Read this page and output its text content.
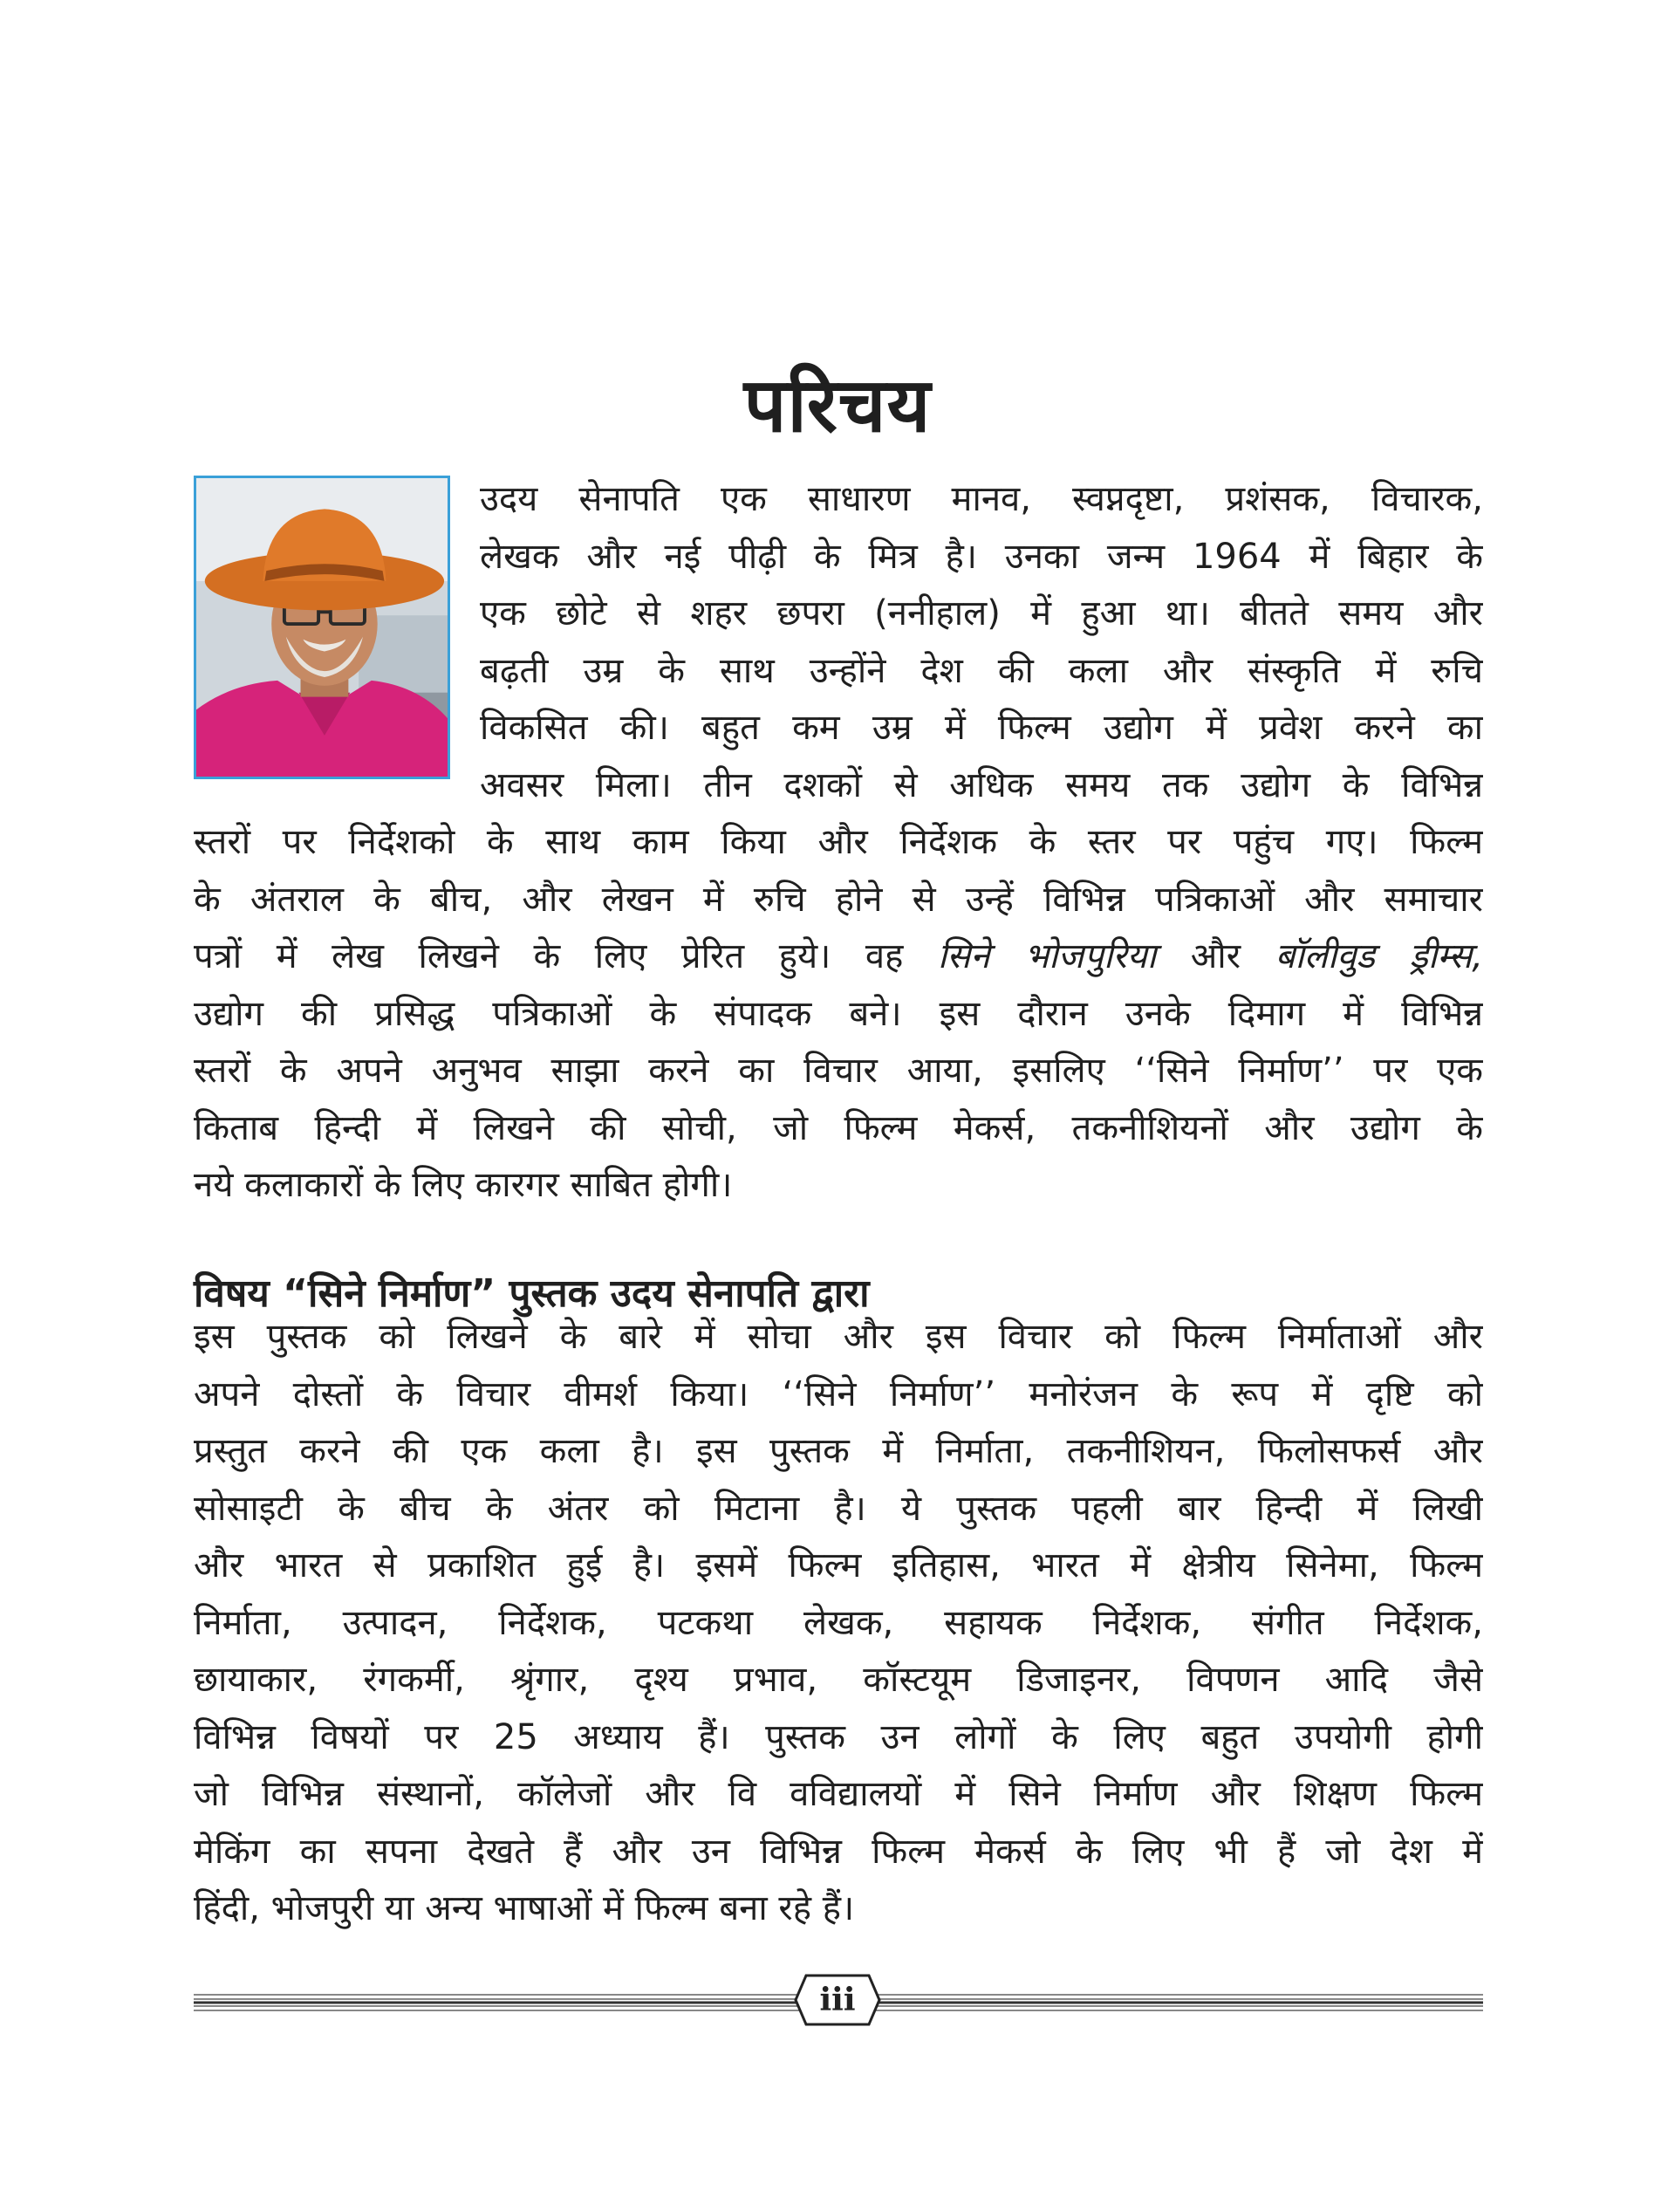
परिचय
उदय सेनापति एक साधारण मानव, स्वप्नदृष्टा, प्रशंसक, विचारक,
लेखक और नई पीढ़ी के मित्र है। उनका जन्म 1964 में बिहार के
एक छोटे से शहर छपरा (ननीहाल) में हुआ था। बीतते समय और
बढ़ती उम्र के साथ उन्होंने देश की कला और संस्कृति में रुचि
विकसित की। बहुत कम उम्र में फिल्म उद्योग में प्रवेश करने का
अवसर मिला। तीन दशकों से अधिक समय तक उद्योग के विभिन्न
स्तरों पर निर्देशको के साथ काम किया और निर्देशक के स्तर पर पहुंच गए। फिल्म
के अंतराल के बीच, और लेखन में रुचि होने से उन्हें विभिन्न पत्रिकाओं और समाचार
पत्रों में लेख लिखने के लिए प्रेरित हुये। वह सिने भोजपुरिया और बॉलीवुड ड्रीम्स,
उद्योग की प्रसिद्ध पत्रिकाओं के संपादक बने। इस दौरान उनके दिमाग में विभिन्न
स्तरों के अपने अनुभव साझा करने का विचार आया, इसलिए ‘‘सिने निर्माण’’ पर एक
किताब हिन्दी में लिखने की सोची, जो फिल्म मेकर्स, तकनीशियनों और उद्योग के
नये कलाकारों के लिए कारगर साबित होगी।
विषय “सिने निर्माण” पुस्तक उदय सेनापति द्वारा
इस पुस्तक को लिखने के बारे में सोचा और इस विचार को फिल्म निर्माताओं और
अपने दोस्तों के विचार वीमर्श किया। ‘‘सिने निर्माण’’ मनोरंजन के रूप में दृष्टि को
प्रस्तुत करने की एक कला है। इस पुस्तक में निर्माता, तकनीशियन, फिलोसफर्स और
सोसाइटी के बीच के अंतर को मिटाना है। ये पुस्तक पहली बार हिन्दी में लिखी
और भारत से प्रकाशित हुई है। इसमें फिल्म इतिहास, भारत में क्षेत्रीय सिनेमा, फिल्म
निर्माता, उत्पादन, निर्देशक, पटकथा लेखक, सहायक निर्देशक, संगीत निर्देशक,
छायाकार, रंगकर्मी, श्रृंगार, दृश्य प्रभाव, कॉस्टयूम डिजाइनर, विपणन आदि जैसे
विभिन्न विषयों पर 25 अध्याय हैं। पुस्तक उन लोगों के लिए बहुत उपयोगी होगी
जो विभिन्न संस्थानों, कॉलेजों और वि वविद्यालयों में सिने निर्माण और शिक्षण फिल्म
मेकिंग का सपना देखते हैं और उन विभिन्न फिल्म मेकर्स के लिए भी हैं जो देश में
हिंदी, भोजपुरी या अन्य भाषाओं में फिल्म बना रहे हैं।
iii
